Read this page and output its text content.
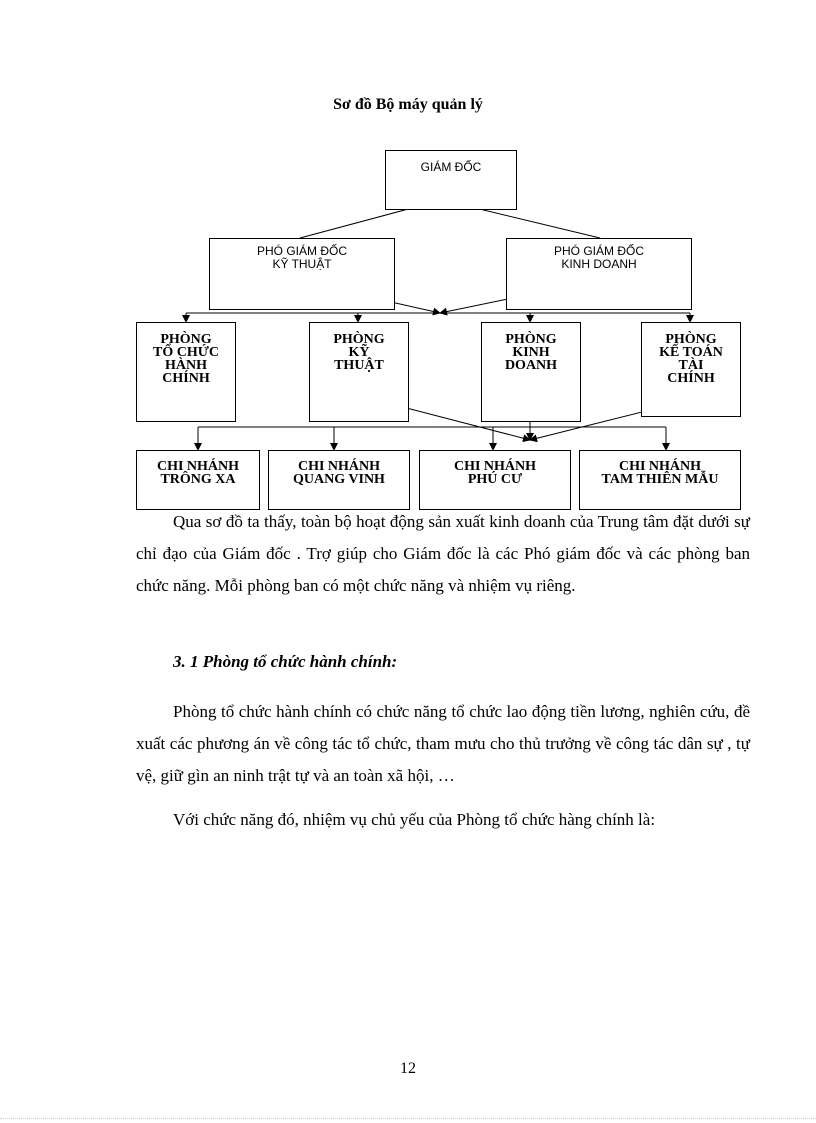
Sơ đồ Bộ máy quản lý
GIÁM ĐỐC
PHÓ GIÁM ĐỐC
KỸ THUẬT
PHÓ GIÁM ĐỐC
KINH DOANH
PHÒNG
TỔ CHỨC
HÀNH
CHÍNH
PHÒNG
KỸ
THUẬT
PHÒNG
KINH
DOANH
PHÒNG
KẾ TOÁN
TÀI
CHÍNH
CHI NHÁNH
TRÔNG XA
CHI NHÁNH
QUANG VINH
CHI NHÁNH
PHÚ CƯ
CHI NHÁNH
TAM THIÊN MẪU

Qua sơ đồ ta thấy, toàn bộ hoạt động sản xuất kinh doanh của Trung tâm đặt dưới sự chỉ đạo của Giám đốc . Trợ giúp cho Giám đốc là các Phó giám đốc và các phòng ban chức năng. Mỗi phòng ban có một chức năng và nhiệm vụ riêng.

3. 1 Phòng tổ chức hành chính:

Phòng tổ chức hành chính có chức năng tổ chức lao động tiền lương, nghiên cứu, đề xuất các phương án về công tác tổ chức, tham mưu cho thủ trưởng về công tác dân sự , tự vệ, giữ gìn an ninh trật tự và an toàn xã hội, …

Với chức năng đó, nhiệm vụ chủ yếu của Phòng tổ chức hàng chính là:

12
